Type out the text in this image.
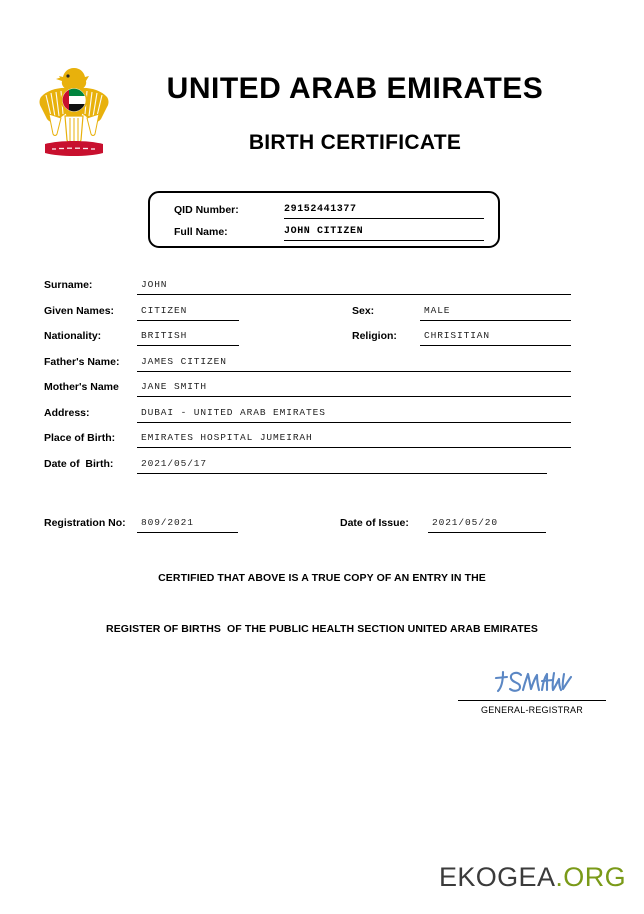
UNITED ARAB EMIRATES
BIRTH CERTIFICATE
QID Number:	29152441377
Full Name:	JOHN CITIZEN
Surname:	JOHN
Given Names:	CITIZEN	Sex:	MALE
Nationality:	BRITISH	Religion:	CHRISITIAN
Father's Name:	JAMES CITIZEN
Mother's Name	JANE SMITH
Address:	DUBAI - UNITED ARAB EMIRATES
Place of Birth:	EMIRATES HOSPITAL JUMEIRAH
Date of  Birth:	2021/05/17
Registration No:	809/2021	Date of Issue:	2021/05/20
CERTIFIED THAT ABOVE IS A TRUE COPY OF AN ENTRY IN THE
REGISTER OF BIRTHS  OF THE PUBLIC HEALTH SECTION UNITED ARAB EMIRATES
GENERAL-REGISTRAR
EKOGEA.ORG
